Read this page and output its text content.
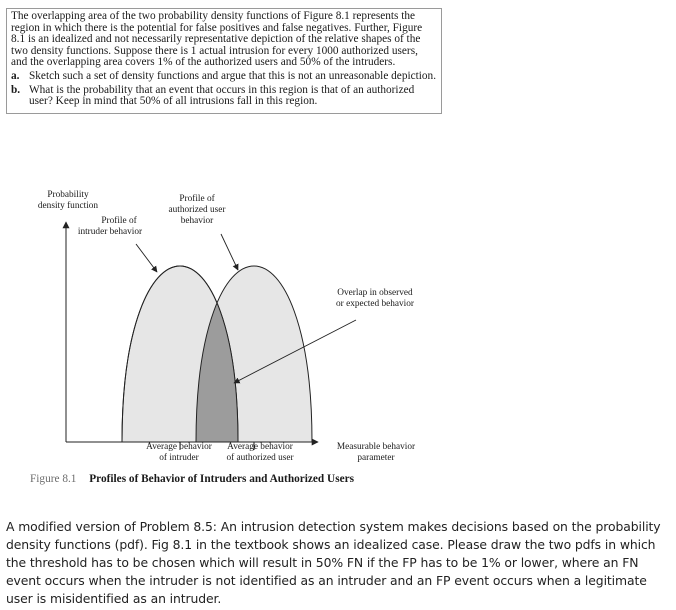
The overlapping area of the two probability density functions of Figure 8.1 represents the region in which there is the potential for false positives and false negatives. Further, Figure 8.1 is an idealized and not necessarily representative depiction of the relative shapes of the two density functions. Suppose there is 1 actual intrusion for every 1000 authorized users, and the overlapping area covers 1% of the authorized users and 50% of the intruders.

a. Sketch such a set of density functions and argue that this is not an unreasonable depiction.
b. What is the probability that an event that occurs in this region is that of an authorized user? Keep in mind that 50% of all intrusions fall in this region.
Probability
density function
Profile of
intruder behavior
Profile of
authorized user
behavior
Overlap in observed
or expected behavior
Average behavior
of intruder
Average behavior
of authorized user
Measurable behavior
parameter
Figure 8.1 Profiles of Behavior of Intruders and Authorized Users

A modified version of Problem 8.5: An intrusion detection system makes decisions based on the probability density functions (pdf). Fig 8.1 in the textbook shows an idealized case. Please draw the two pdfs in which the threshold has to be chosen which will result in 50% FN if the FP has to be 1% or lower, where an FN event occurs when the intruder is not identified as an intruder and an FP event occurs when a legitimate user is misidentified as an intruder.
